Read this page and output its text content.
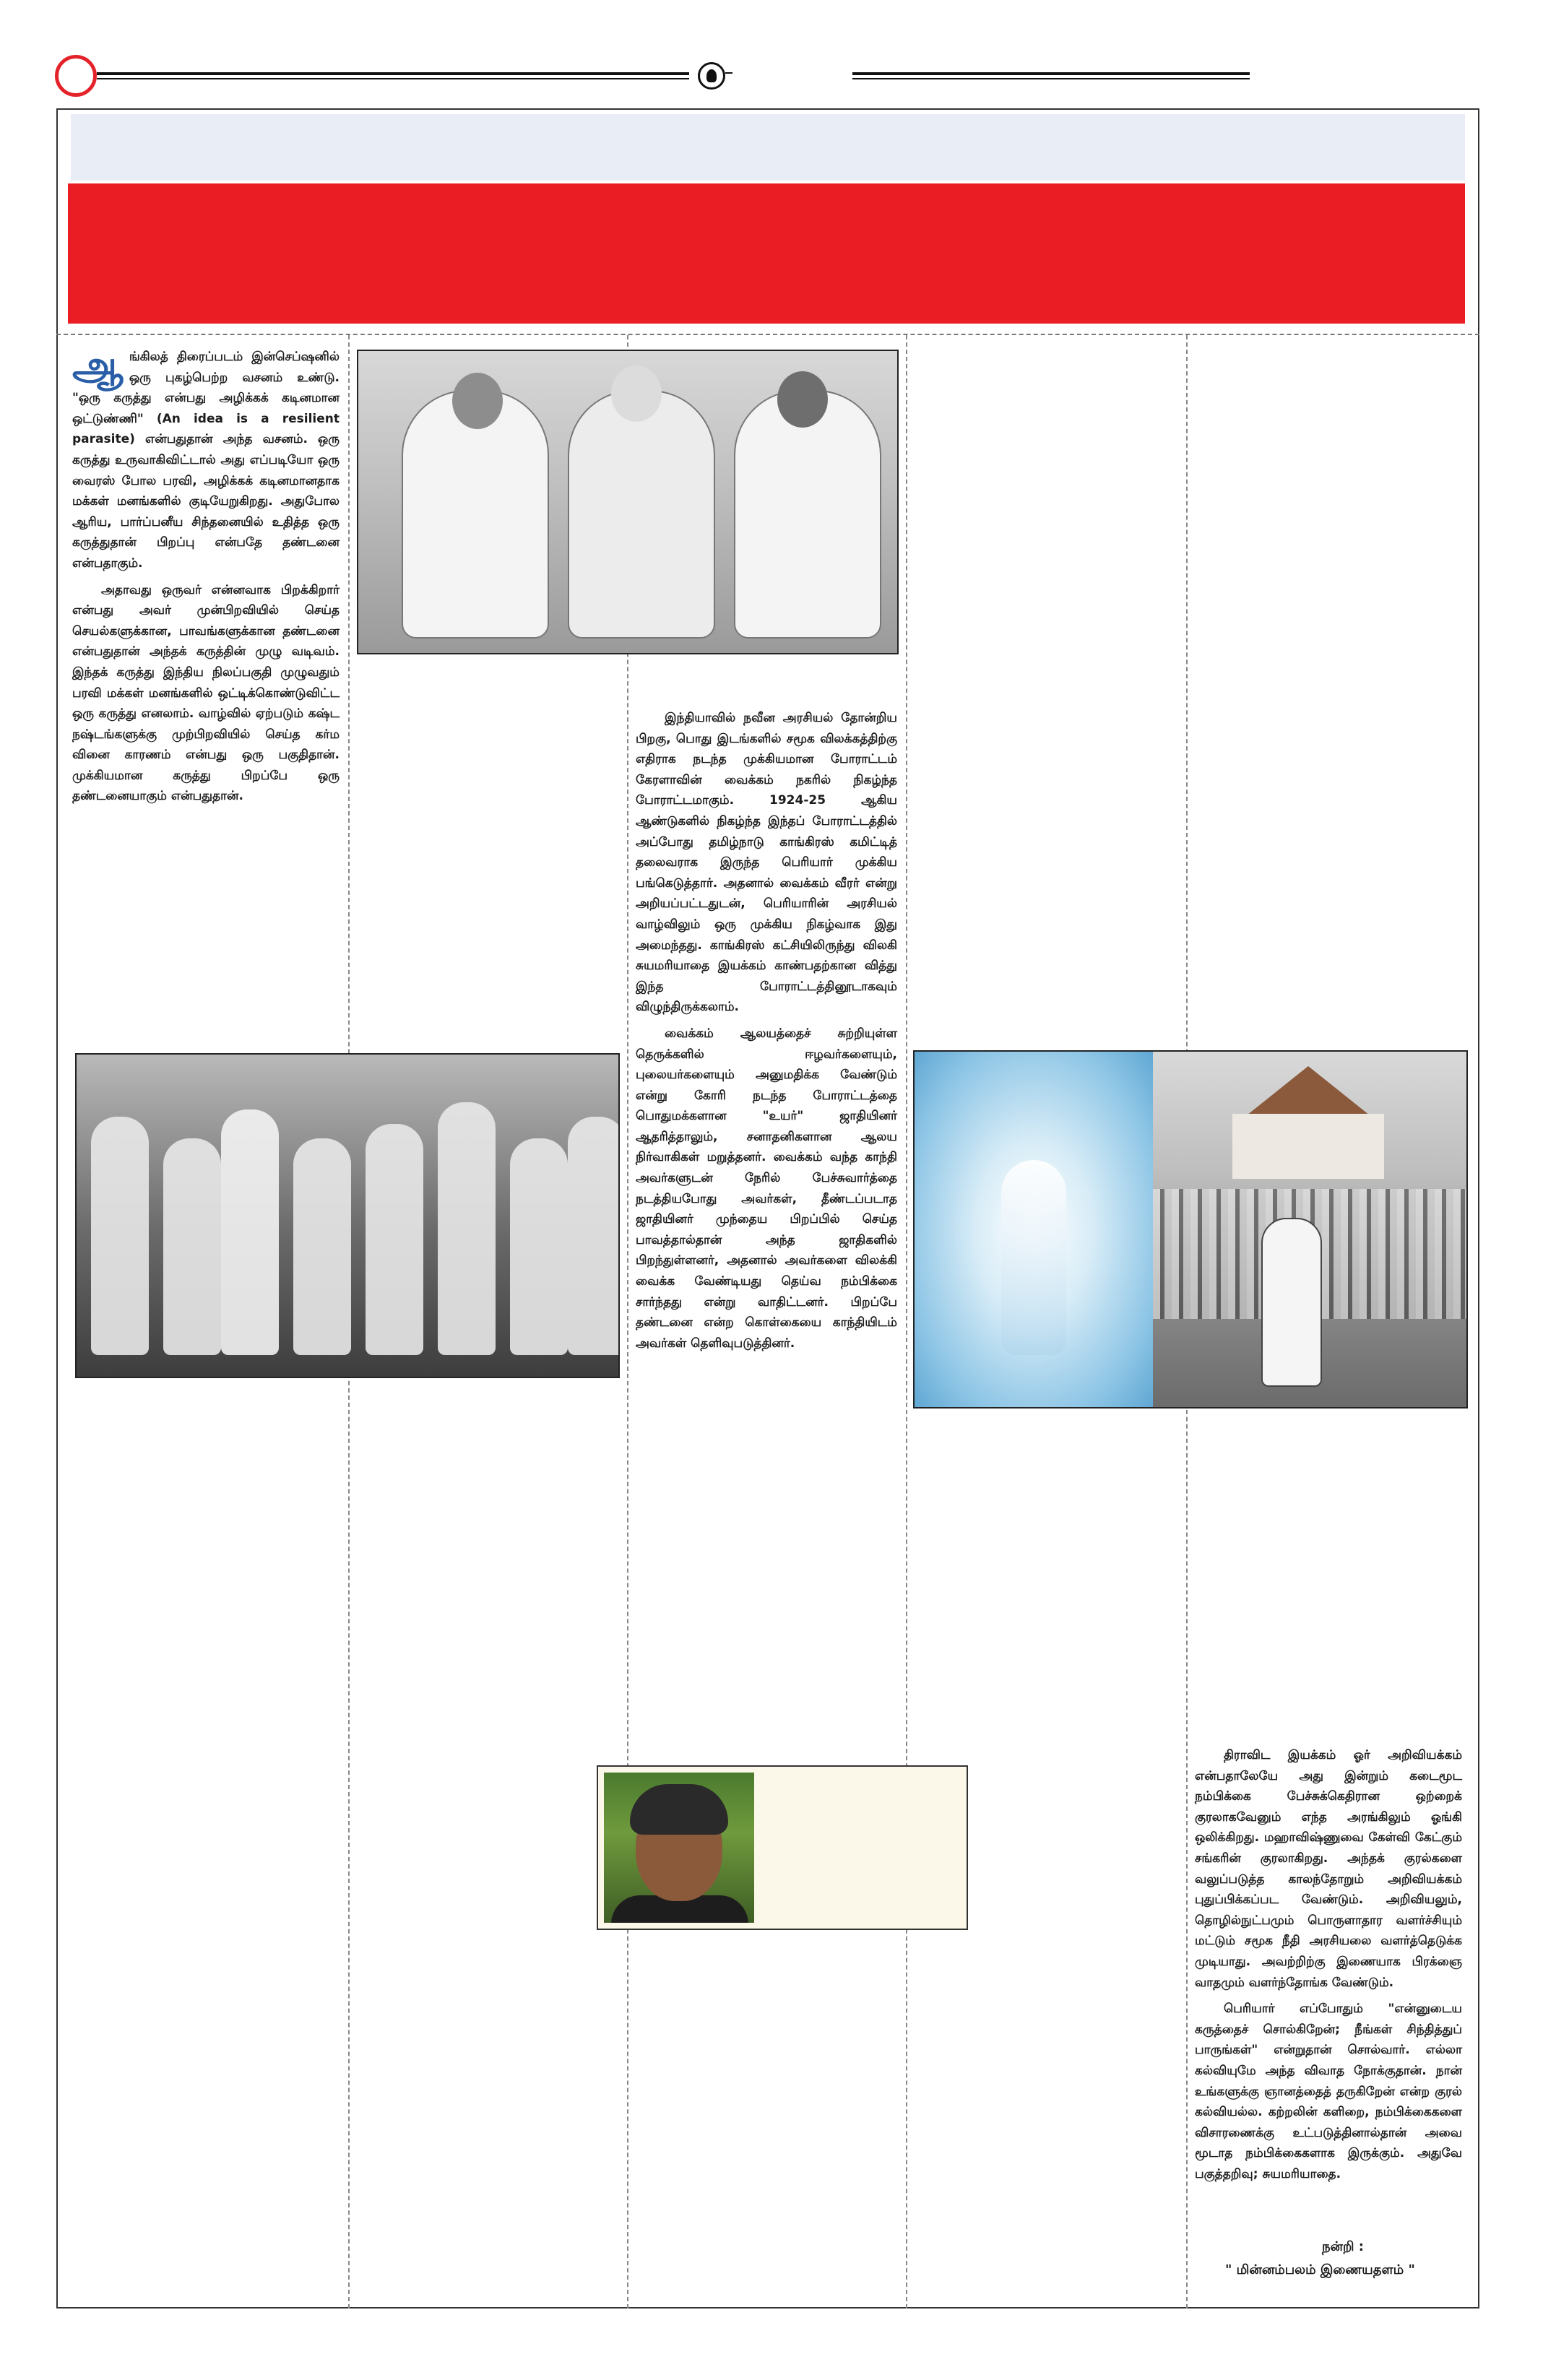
ஆங்கிலத் திரைப்படம் இன்செப்ஷனில் ஒரு புகழ்பெற்ற வசனம் உண்டு. "ஒரு கருத்து என்பது அழிக்கக் கடினமான ஒட்டுண்ணி" (An idea is a resilient parasite) என்பதுதான் அந்த வசனம். ஒரு கருத்து உருவாகிவிட்டால் அது எப்படியோ ஒரு வைரஸ் போல பரவி, அழிக்கக் கடினமானதாக மக்கள் மனங்களில் குடியேறுகிறது. அதுபோல ஆரிய, பார்ப்பனீய சிந்தனையில் உதித்த ஒரு கருத்துதான் பிறப்பு என்பதே தண்டனை என்பதாகும்.

அதாவது ஒருவர் என்னவாக பிறக்கிறார் என்பது அவர் முன்பிறவியில் செய்த செயல்களுக்கான, பாவங்களுக்கான தண்டனை என்பதுதான் அந்தக் கருத்தின் முழு வடிவம். இந்தக் கருத்து இந்திய நிலப்பகுதி முழுவதும் பரவி மக்கள் மனங்களில் ஒட்டிக்கொண்டுவிட்ட ஒரு கருத்து எனலாம். வாழ்வில் ஏற்படும் கஷ்ட நஷ்டங்களுக்கு முற்பிறவியில் செய்த கர்ம வினை காரணம் என்பது ஒரு பகுதிதான். முக்கியமான கருத்து பிறப்பே ஒரு தண்டனையாகும் என்பதுதான்.

இந்தியாவில் நவீன அரசியல் தோன்றிய பிறகு, பொது இடங்களில் சமூக விலக்கத்திற்கு எதிராக நடந்த முக்கியமான போராட்டம் கேரளாவின் வைக்கம் நகரில் நிகழ்ந்த போராட்டமாகும். 1924-25 ஆகிய ஆண்டுகளில் நிகழ்ந்த இந்தப் போராட்டத்தில் அப்போது தமிழ்நாடு காங்கிரஸ் கமிட்டித் தலைவராக இருந்த பெரியார் முக்கிய பங்கெடுத்தார். அதனால் வைக்கம் வீரர் என்று அறியப்பட்டதுடன், பெரியாரின் அரசியல் வாழ்விலும் ஒரு முக்கிய நிகழ்வாக இது அமைந்தது. காங்கிரஸ் கட்சியிலிருந்து விலகி சுயமரியாதை இயக்கம் காண்பதற்கான வித்து இந்த போராட்டத்தினூடாகவும் விழுந்திருக்கலாம்.

வைக்கம் ஆலயத்தைச் சுற்றியுள்ள தெருக்களில் ஈழவர்களையும், புலையர்களையும் அனுமதிக்க வேண்டும் என்று கோரி நடந்த போராட்டத்தை பொதுமக்களான "உயர்" ஜாதியினர் ஆதரித்தாலும், சனாதனிகளான ஆலய நிர்வாகிகள் மறுத்தனர். வைக்கம் வந்த காந்தி அவர்களுடன் நேரில் பேச்சுவார்த்தை நடத்தியபோது அவர்கள், தீண்டப்படாத ஜாதியினர் முந்தைய பிறப்பில் செய்த பாவத்தால்தான் அந்த ஜாதிகளில் பிறந்துள்ளனர், அதனால் அவர்களை விலக்கி வைக்க வேண்டியது தெய்வ நம்பிக்கை சார்ந்தது என்று வாதிட்டனர். பிறப்பே தண்டனை என்ற கொள்கையை காந்தியிடம் அவர்கள் தெளிவுபடுத்தினர்.

திராவிட இயக்கம் ஓர் அறிவியக்கம் என்பதாலேயே அது இன்றும் கடைமூட நம்பிக்கை பேச்சுக்கெதிரான ஒற்றைக் குரலாகவேனும் எந்த அரங்கிலும் ஓங்கி ஒலிக்கிறது. மஹாவிஷ்ணுவை கேள்வி கேட்கும் சங்கரின் குரலாகிறது. அந்தக் குரல்களை வலுப்படுத்த காலந்தோறும் அறிவியக்கம் புதுப்பிக்கப்பட வேண்டும். அறிவியலும், தொழில்நுட்பமும் பொருளாதார வளர்ச்சியும் மட்டும் சமூக நீதி அரசியலை வளர்த்தெடுக்க முடியாது. அவற்றிற்கு இணையாக பிரக்ஞை வாதமும் வளர்ந்தோங்க வேண்டும்.

பெரியார் எப்போதும் "என்னுடைய கருத்தைச் சொல்கிறேன்; நீங்கள் சிந்தித்துப் பாருங்கள்" என்றுதான் சொல்வார். எல்லா கல்வியுமே அந்த விவாத நோக்குதான். நான் உங்களுக்கு ஞானத்தைத் தருகிறேன் என்ற குரல் கல்வியல்ல. கற்றலின் களிறை, நம்பிக்கைகளை விசாரணைக்கு உட்படுத்தினால்தான் அவை மூடாத நம்பிக்கைகளாக இருக்கும். அதுவே பகுத்தறிவு; சுயமரியாதை.

நன்றி :
" மின்னம்பலம் இணையதளம் "
